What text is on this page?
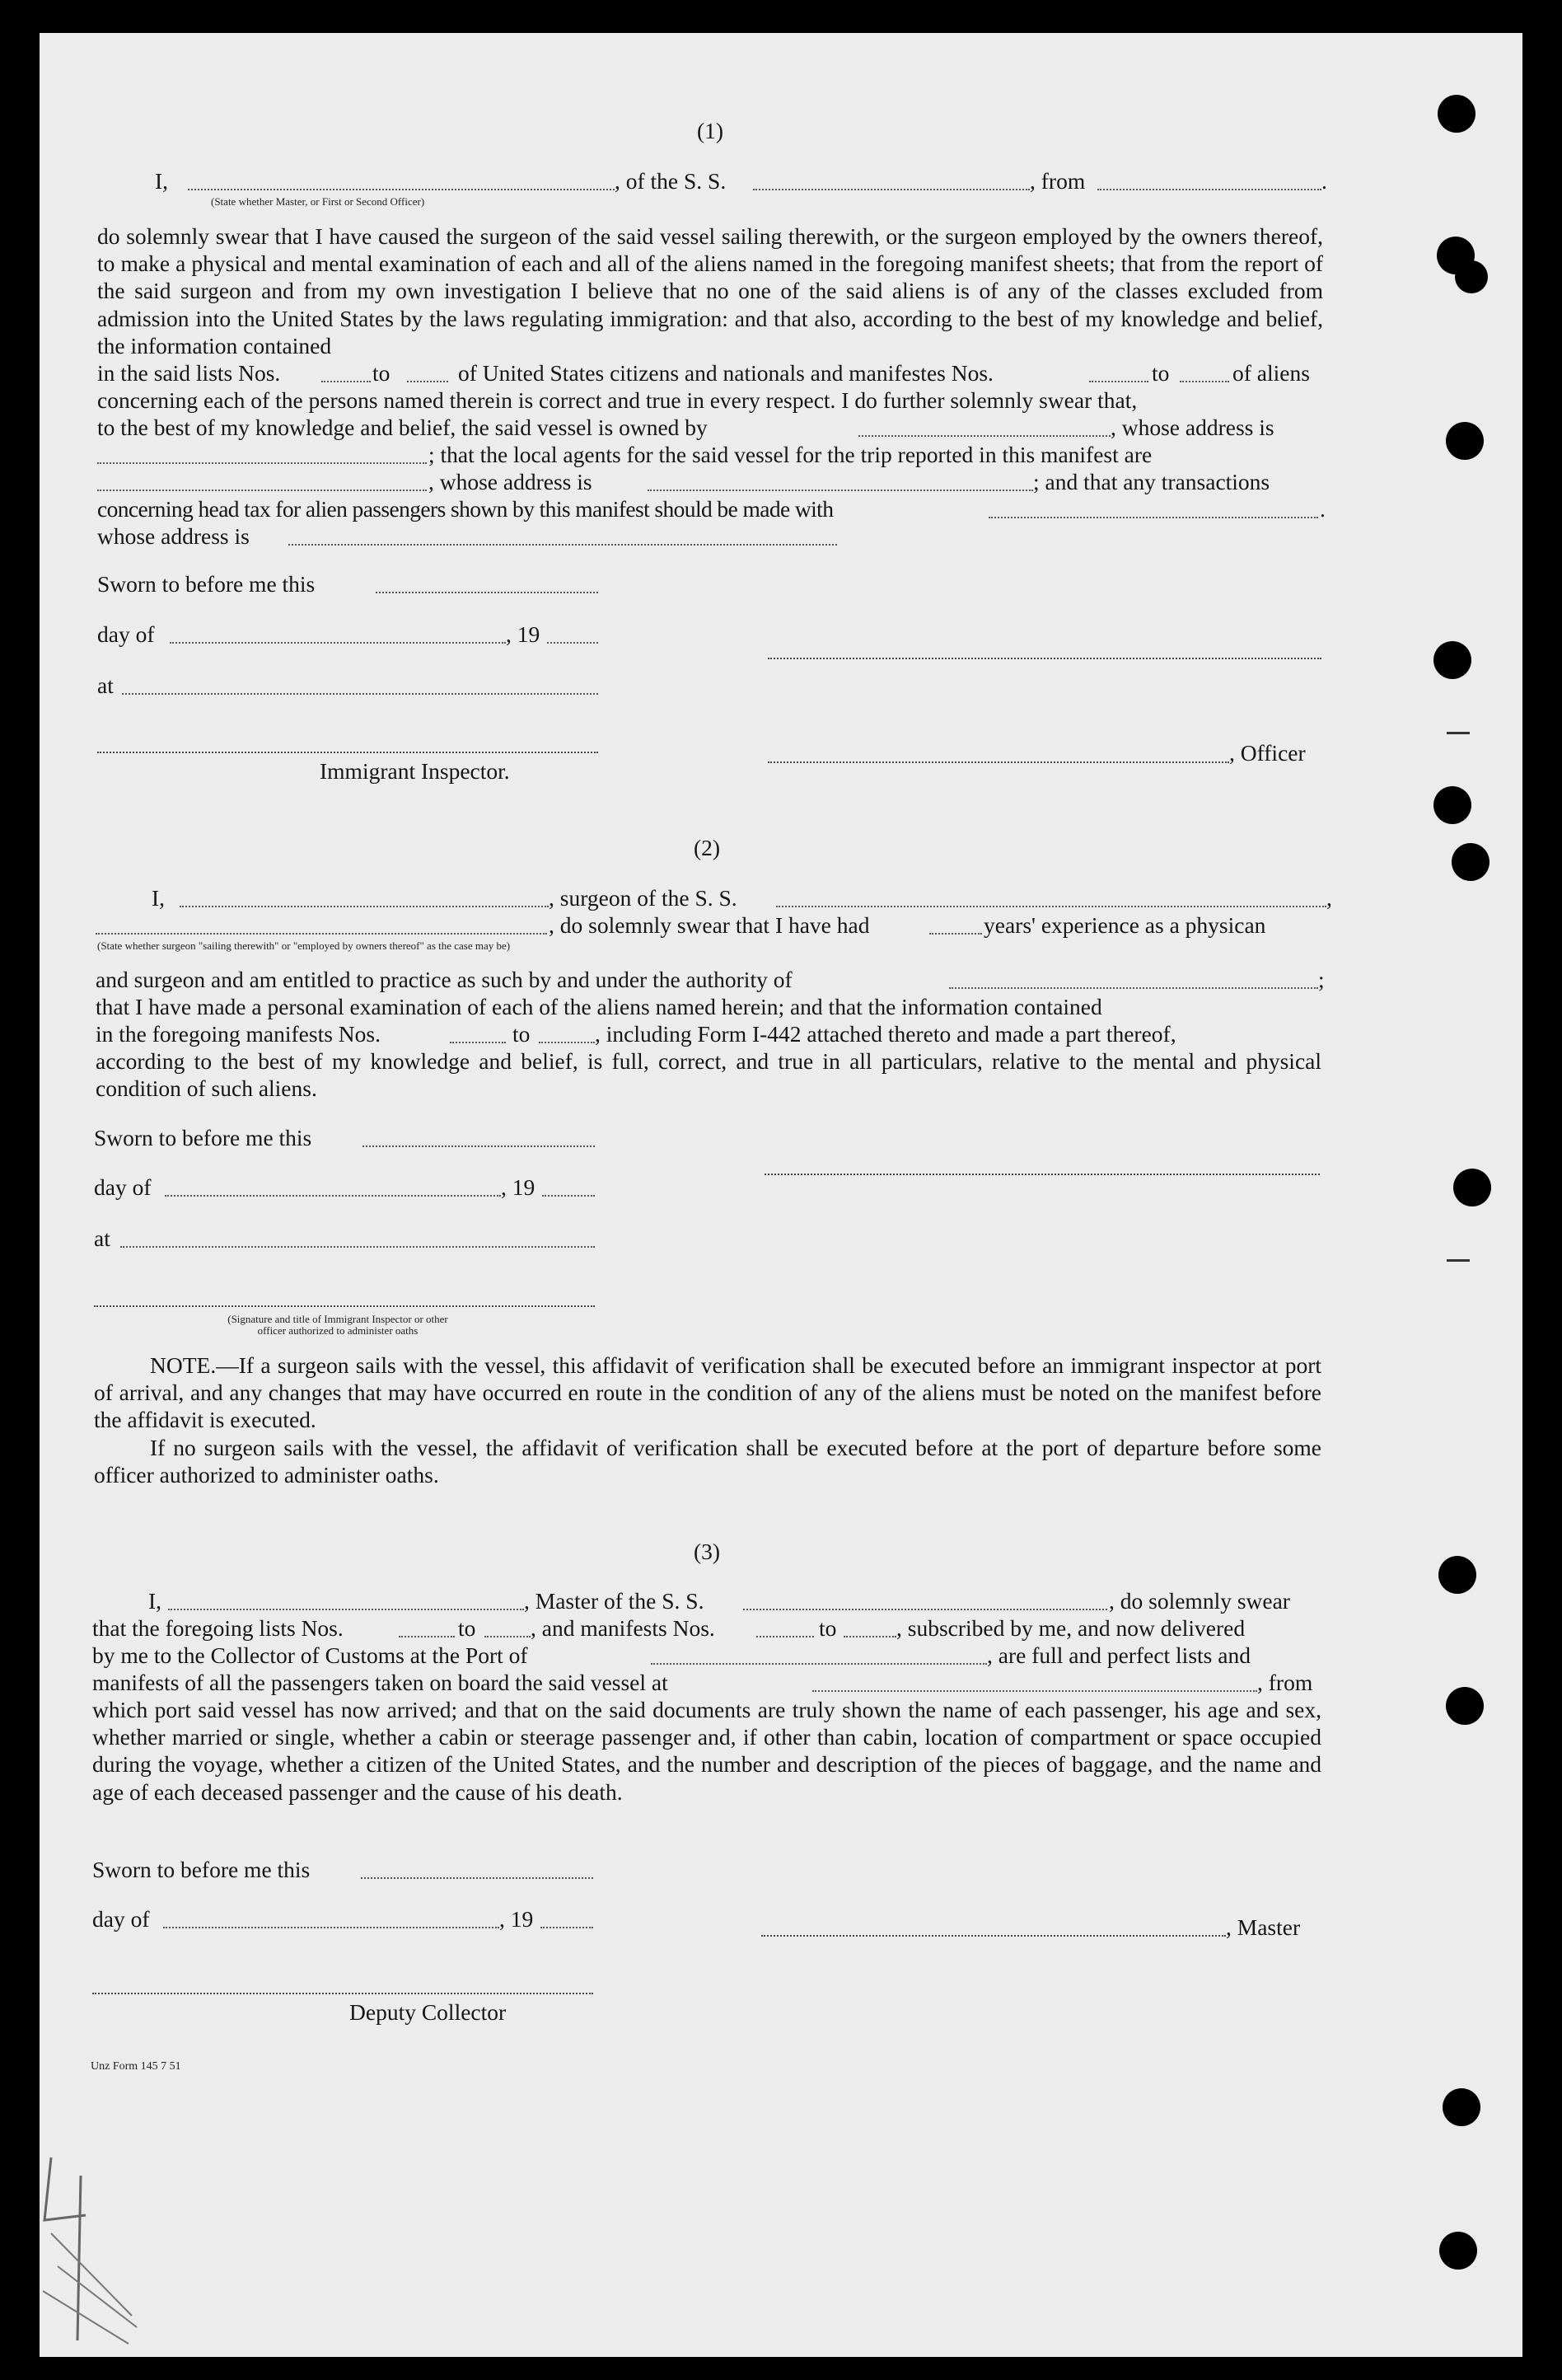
(1)
I,	, of the S. S.	, from	.
(State whether Master, or First or Second Officer)
do solemnly swear that I have caused the surgeon of the said vessel sailing therewith, or the surgeon employed by the owners thereof, to make a physical and mental examination of each and all of the aliens named in the foregoing manifest sheets; that from the report of the said surgeon and from my own investigation I believe that no one of the said aliens is of any of the classes excluded from admission into the United States by the laws regulating immigration: and that also, according to the best of my knowledge and belief, the information contained
in the said lists Nos.	to	of United States citizens and nationals and manifestes Nos.	to	of aliens
concerning each of the persons named therein is correct and true in every respect. I do further solemnly swear that,
to the best of my knowledge and belief, the said vessel is owned by	, whose address is
; that the local agents for the said vessel for the trip reported in this manifest are
, whose address is	; and that any transactions
concerning head tax for alien passengers shown by this manifest should be made with	.
whose address is
Sworn to before me this
day of	, 19
at
, Officer
Immigrant Inspector.
(2)
I,	, surgeon of the S. S.	,
, do solemnly swear that I have had	years' experience as a physican
(State whether surgeon "sailing therewith" or "employed by owners thereof" as the case may be)
and surgeon and am entitled to practice as such by and under the authority of	;
that I have made a personal examination of each of the aliens named herein; and that the information contained
in the foregoing manifests Nos.	to	, including Form I-442 attached thereto and made a part thereof,
according to the best of my knowledge and belief, is full, correct, and true in all particulars, relative to the mental and physical condition of such aliens.
Sworn to before me this
day of	, 19
at
(Signature and title of Immigrant Inspector or other
officer authorized to administer oaths
NOTE.—If a surgeon sails with the vessel, this affidavit of verification shall be executed before an immigrant inspector at port of arrival, and any changes that may have occurred en route in the condition of any of the aliens must be noted on the manifest before the affidavit is executed.
If no surgeon sails with the vessel, the affidavit of verification shall be executed before at the port of departure before some officer authorized to administer oaths.
(3)
I,	, Master of the S. S.	, do solemnly swear
that the foregoing lists Nos.	to , and manifests Nos.	to	, subscribed by me, and now delivered
by me to the Collector of Customs at the Port of	, are full and perfect lists and
manifests of all the passengers taken on board the said vessel at	, from
which port said vessel has now arrived; and that on the said documents are truly shown the name of each passenger, his age and sex, whether married or single, whether a cabin or steerage passenger and, if other than cabin, location of compartment or space occupied during the voyage, whether a citizen of the United States, and the number and description of the pieces of baggage, and the name and age of each deceased passenger and the cause of his death.
Sworn to before me this
day of	, 19	, Master
Deputy Collector
Unz Form 145 7 51
